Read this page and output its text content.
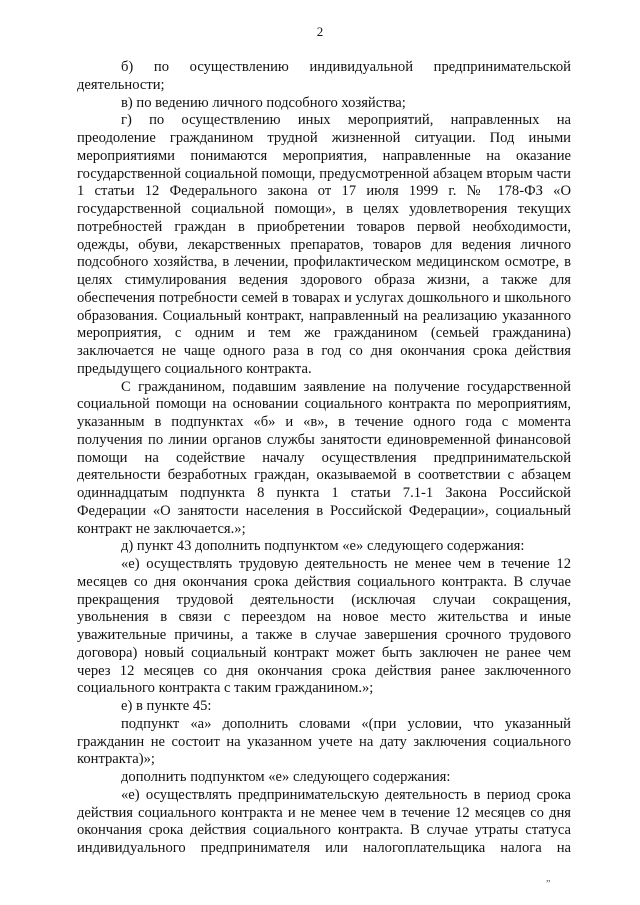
2

б) по осуществлению индивидуальной предпринимательской деятельности;

в) по ведению личного подсобного хозяйства;

г) по осуществлению иных мероприятий, направленных на преодоление гражданином трудной жизненной ситуации. Под иными мероприятиями понимаются мероприятия, направленные на оказание государственной социальной помощи, предусмотренной абзацем вторым части 1 статьи 12 Федерального закона от 17 июля 1999 г. № 178-ФЗ «О государственной социальной помощи», в целях удовлетворения текущих потребностей граждан в приобретении товаров первой необходимости, одежды, обуви, лекарственных препаратов, товаров для ведения личного подсобного хозяйства, в лечении, профилактическом медицинском осмотре, в целях стимулирования ведения здорового образа жизни, а также для обеспечения потребности семей в товарах и услугах дошкольного и школьного образования. Социальный контракт, направленный на реализацию указанного мероприятия, с одним и тем же гражданином (семьей гражданина) заключается не чаще одного раза в год со дня окончания срока действия предыдущего социального контракта.

С гражданином, подавшим заявление на получение государственной социальной помощи на основании социального контракта по мероприятиям, указанным в подпунктах «б» и «в», в течение одного года с момента получения по линии органов службы занятости единовременной финансовой помощи на содействие началу осуществления предпринимательской деятельности безработных граждан, оказываемой в соответствии с абзацем одиннадцатым подпункта 8 пункта 1 статьи 7.1-1 Закона Российской Федерации «О занятости населения в Российской Федерации», социальный контракт не заключается.»;

д) пункт 43 дополнить подпунктом «е» следующего содержания:

«е) осуществлять трудовую деятельность не менее чем в течение 12 месяцев со дня окончания срока действия социального контракта. В случае прекращения трудовой деятельности (исключая случаи сокращения, увольнения в связи с переездом на новое место жительства и иные уважительные причины, а также в случае завершения срочного трудового договора) новый социальный контракт может быть заключен не ранее чем через 12 месяцев со дня окончания срока действия ранее заключенного социального контракта с таким гражданином.»;

е) в пункте 45:

подпункт «а» дополнить словами «(при условии, что указанный гражданин не состоит на указанном учете на дату заключения социального контракта)»;

дополнить подпунктом «е» следующего содержания:

«е) осуществлять предпринимательскую деятельность в период срока действия социального контракта и не менее чем в течение 12 месяцев со дня окончания срока действия социального контракта. В случае утраты статуса индивидуального предпринимателя или налогоплательщика налога на

„
